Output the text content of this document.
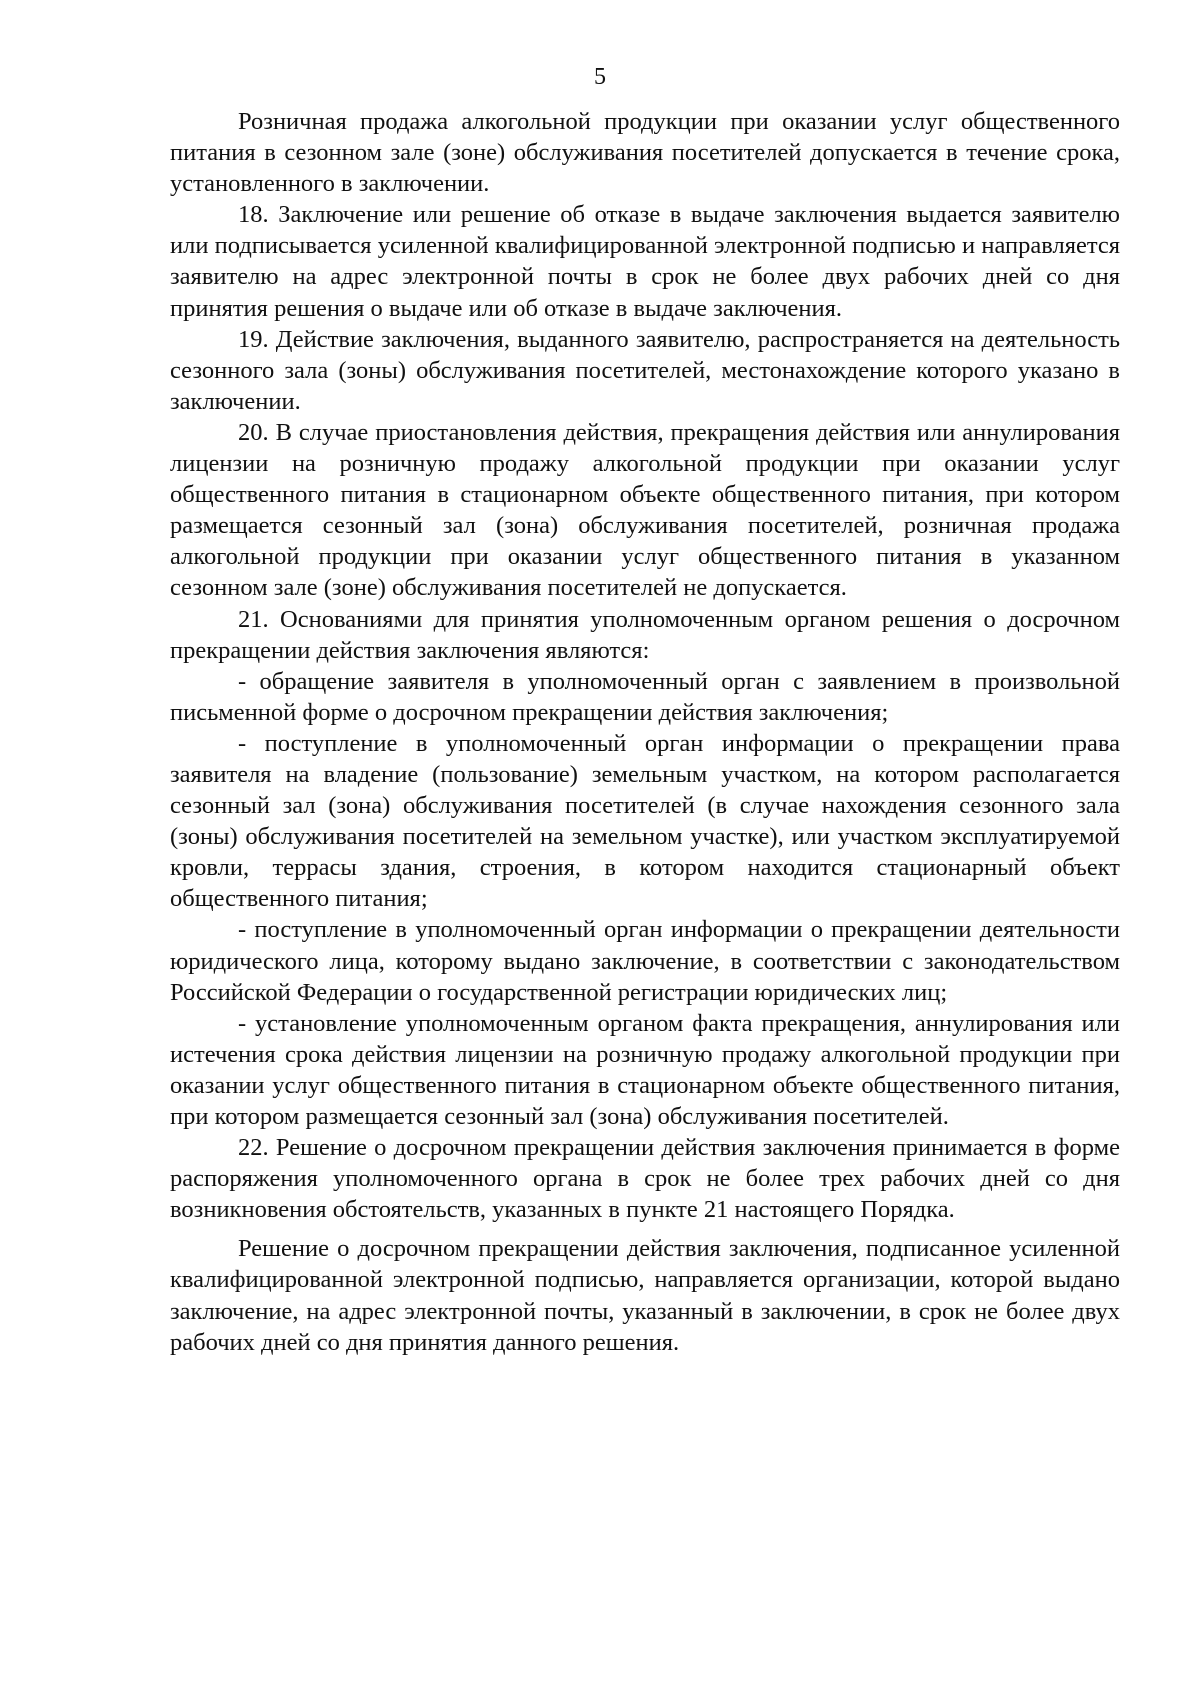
5

Розничная продажа алкогольной продукции при оказании услуг общественного питания в сезонном зале (зоне) обслуживания посетителей допускается в течение срока, установленного в заключении.

18. Заключение или решение об отказе в выдаче заключения выдается заявителю или подписывается усиленной квалифицированной электронной подписью и направляется заявителю на адрес электронной почты в срок не более двух рабочих дней со дня принятия решения о выдаче или об отказе в выдаче заключения.

19. Действие заключения, выданного заявителю, распространяется на деятельность сезонного зала (зоны) обслуживания посетителей, местонахождение которого указано в заключении.

20. В случае приостановления действия, прекращения действия или аннулирования лицензии на розничную продажу алкогольной продукции при оказании услуг общественного питания в стационарном объекте общественного питания, при котором размещается сезонный зал (зона) обслуживания посетителей, розничная продажа алкогольной продукции при оказании услуг общественного питания в указанном сезонном зале (зоне) обслуживания посетителей не допускается.

21. Основаниями для принятия уполномоченным органом решения о досрочном прекращении действия заключения являются:

- обращение заявителя в уполномоченный орган с заявлением в произвольной письменной форме о досрочном прекращении действия заключения;

- поступление в уполномоченный орган информации о прекращении права заявителя на владение (пользование) земельным участком, на котором располагается сезонный зал (зона) обслуживания посетителей (в случае нахождения сезонного зала (зоны) обслуживания посетителей на земельном участке), или участком эксплуатируемой кровли, террасы здания, строения, в котором находится стационарный объект общественного питания;

- поступление в уполномоченный орган информации о прекращении деятельности юридического лица, которому выдано заключение, в соответствии с законодательством Российской Федерации о государственной регистрации юридических лиц;

- установление уполномоченным органом факта прекращения, аннулирования или истечения срока действия лицензии на розничную продажу алкогольной продукции при оказании услуг общественного питания в стационарном объекте общественного питания, при котором размещается сезонный зал (зона) обслуживания посетителей.

22. Решение о досрочном прекращении действия заключения принимается в форме распоряжения уполномоченного органа в срок не более трех рабочих дней со дня возникновения обстоятельств, указанных в пункте 21 настоящего Порядка.

Решение о досрочном прекращении действия заключения, подписанное усиленной квалифицированной электронной подписью, направляется организации, которой выдано заключение, на адрес электронной почты, указанный в заключении, в срок не более двух рабочих дней со дня принятия данного решения.
